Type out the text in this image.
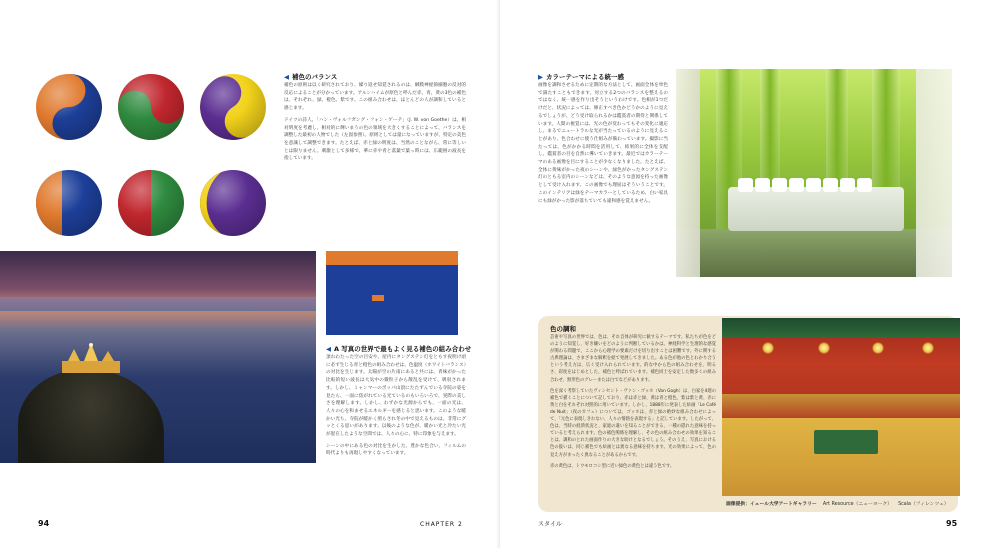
◀ 補色のバランス

補色の原則は以く研究されており、繰り返せ知覚されるのは、網膜神経節細胞の反対的反応によることが分かっています。アルンハイムが原色と呼んだ赤、青、黄の3色の補色は、それぞれ、緑、橙色、紫です。この組み合わせは、ほとんどの人が調和していると感じます。

ドイツの詩人、「ハン・ヴォルフガング・フォン・ゲーテ」（J. W. von Goethe）は、相対明度を考慮し、相対的に輝いまうの色の領域を大きくすることによって、バランスを調整した最初の人物でした（左図参照）。原則としては量になっていますが、特定の美色を意識して調整できます。たとえば、赤と緑の明度は、当然のことながら、常に等しいとは限りません。刺激として多様で、華に赤や青と落葉で葉っ時には、広範囲の波長を指しています。

◀ A 写真の世界で最もよく見る補色の組み合わせ

頂れわたった空の目安や、屋内にタングステン灯をともす夜明け頃に必ず生じる青と橙色の組み合わせは、色温度（ホワイトバランス）の対比を生じます。太陽が空の片南にあると共には、青味がかった比較的短い波長は大気中の微粒子から散乱を受けて、吸収されます。しかし、ミャンマーのポッパ山頂にたたずんでいる寺院の姿を見たら、一面に焦がれている光ているのもいろいろで、実際の美しさを理解します。しかし、わずかな光源からでも、一面の光は、人々の心を和ませるエネルギーを感じると思います。このような暖かい光ち、寺院が暖かく照らされ冬の中で見えるものは、非常にグッとくる思いがあります。以後のような色が、暖かい光と冷たい光が混在したような空間では、人々の心に、特に印象を与えます。

シーンの中にある色の対比を生かした、豊かな色合い、フィルムの時代よりも再現しやすくなっています。

94	CHAPTER 2
▶ カラーテーマによる統一感

画像を調和させるために定期的な方法として、画面全体を単色で満たすこともできます。対立する2つのバランスを整えるのではなく、統一感を作り出そうというわけです。色相が1つだけだと、状況によっては、修正すべき色かどうかのように見えるでしょうが、どう受け取られるかは鑑賞者の期待と関係しています。人間の視覚には、光の色が変わってもその変化に適応し、まるでニュートラルな光が当たっているのように見えることがあり、色合わせに使う仕組みが備わっています。撮影に当たっては、色がかかる時間を活用して、結果的に全体を支配し、鑑賞者の目を自然に導いていきます。最近ではカラーテーマのある画像を目にすることが少なくなりました。たとえば、全体に黄味がかった夜のシーンや、緑色がかったタングステン灯のともる室内のシーンなどは、そのような意図を持った画像として受け入れます。この画像でも理屈はそういうことです。このインテリアは緑をテーマカラーとしているため、白い家具にも緑がかった影が落ちていても違和感を覚えません。

色の調和

芸術や写真の世界では、色は、それ自体が研究に値するテーマです。私たちが色をどのように知覚し、好き嫌いをどのように判断しているかは、神経科学と生理的な感覚が関わる問題で、ここから心理学の要素だけを切り出すことは困難です。外に関する古典理論は、さまざまな解釈を経て発展してきました。ある色が他の色とわかり合うという考え方は、広く受け入れられています。的な中から色の組み合わせを、明るさ、彩度をはじめとした、補色と呼ばれています。補色同士を安定した数多くの組み合わせ、無形色のグレーまたは白でなどがあります。

色を深く考察していたヴィンセント・ヴァン・ゴッホ（Van Gogh）は、白家を4週の補色で描くことについて記しており、赤は赤と緑、黄は青と橙色、紫は紫と黄、赤に黄と白をそれぞれ対照的に用いています。しかし、1888年に発表した絵画「Le Café de Nuit」（夜のカフェ）については、ゴッホは、赤と緑の絶妙な組み合わせによって、「元色に表現しきれない、人々の情熱を表現する」と記しています。したがって、色は、当時の経済状況と、家庭の違いを知ることができる、一種の隠れた意味を持っていると考えられます。色の補色関係を理解し、その色の組み合わせの効果を知ることは、調和のとれた画面作りの大きな助けとなるでしょう。そのうえ、写真における色の扱いは、同じ補色でも絵画とは異なる意味を持ちます。光の効果によって、色の見え方がまったく異なることがあるからです。

赤の黄色は、トウモロコシ型に近い緑色の黄色とは違う色です。

画像提供：イェール大学アートギャラリー Art Resource（ニューヨーク） Scala（フィレンツェ）
スタイル	95
